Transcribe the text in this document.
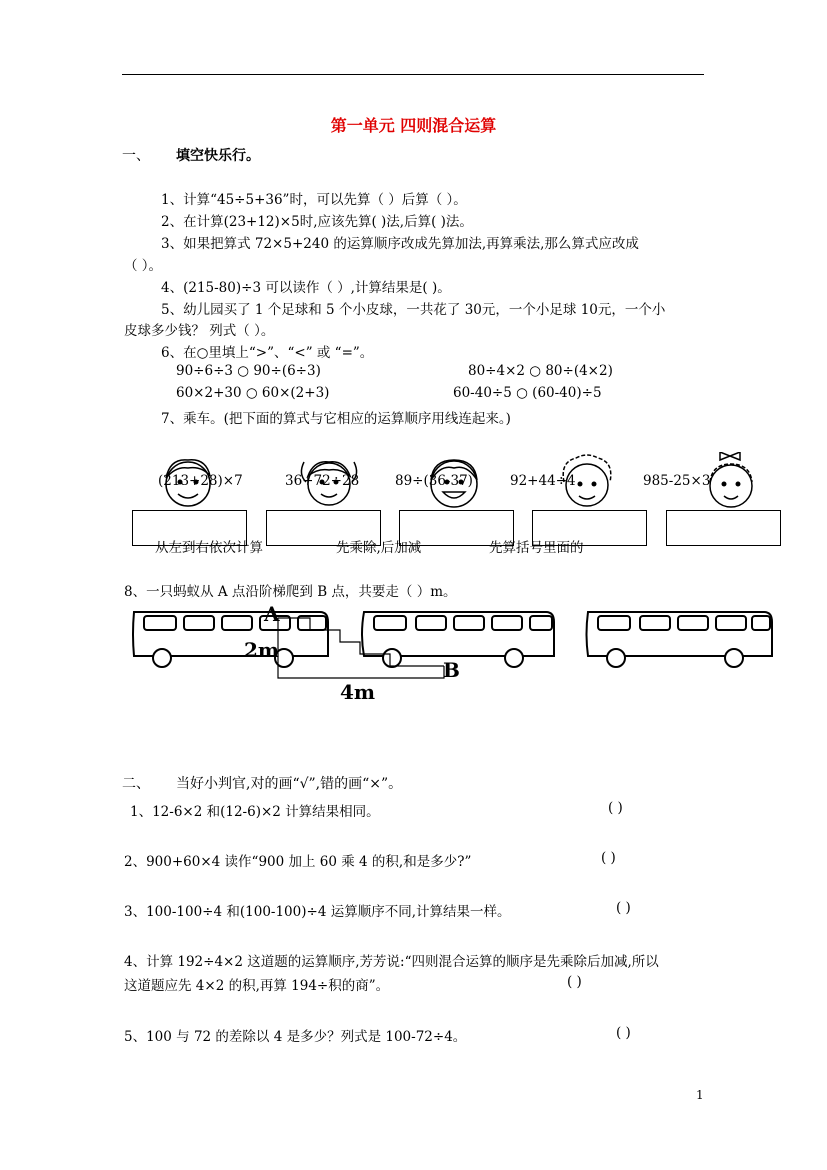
第一单元 四则混合运算
一、 填空快乐行。
1、计算“45÷5+36”时，可以先算（ ）后算（ ）。
2、在计算(23+12)×5时,应该先算( )法,后算( )法。
3、如果把算式 72×5+240 的运算顺序改成先算加法,再算乘法,那么算式应改成
（ ）。
4、(215-80)÷3 可以读作（ ）,计算结果是( )。
5、幼儿园买了 1 个足球和 5 个小皮球，一共花了 30元，一个小足球 10元，一个小
皮球多少钱？ 列式（ ）。
6、在○里填上“>”、“<” 或 “=”。
90÷6÷3 ○ 90÷(6÷3)	80÷4×2 ○ 80÷(4×2)
60×2+30 ○ 60×(2+3)	60-40÷5 ○ (60-40)÷5
7、乘车。(把下面的算式与它相应的运算顺序用线连起来。)
(213+28)×7	36+72÷28	89÷(36-37)	92+44÷4	985-25×3
从左到右依次计算	先乘除,后加减	先算括号里面的
8、一只蚂蚁从 A 点沿阶梯爬到 B 点，共要走（ ）m。
A
2m
B
4m
二、 当好小判官,对的画“√”,错的画“×”。
1、12-6×2 和(12-6)×2 计算结果相同。	( )
2、900+60×4 读作“900 加上 60 乘 4 的积,和是多少?”	( )
3、100-100÷4 和(100-100)÷4 运算顺序不同,计算结果一样。	( )
4、计算 192÷4×2 这道题的运算顺序,芳芳说:“四则混合运算的顺序是先乘除后加减,所以
这道题应先 4×2 的积,再算 194÷积的商”。	( )
5、100 与 72 的差除以 4 是多少？列式是 100-72÷4。	( )
1
